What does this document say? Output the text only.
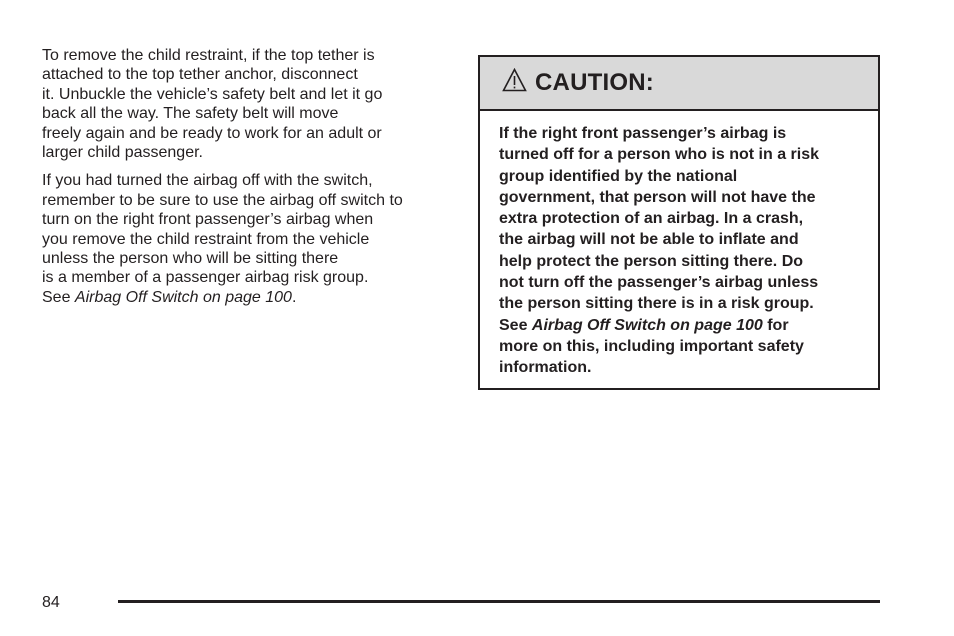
To remove the child restraint, if the top tether is
attached to the top tether anchor, disconnect
it. Unbuckle the vehicle’s safety belt and let it go
back all the way. The safety belt will move
freely again and be ready to work for an adult or
larger child passenger.

If you had turned the airbag off with the switch,
remember to be sure to use the airbag off switch to
turn on the right front passenger’s airbag when
you remove the child restraint from the vehicle
unless the person who will be sitting there
is a member of a passenger airbag risk group.
See Airbag Off Switch on page 100.

CAUTION:
If the right front passenger’s airbag is
turned off for a person who is not in a risk
group identified by the national
government, that person will not have the
extra protection of an airbag. In a crash,
the airbag will not be able to inflate and
help protect the person sitting there. Do
not turn off the passenger’s airbag unless
the person sitting there is in a risk group.
See Airbag Off Switch on page 100 for
more on this, including important safety
information.
84
